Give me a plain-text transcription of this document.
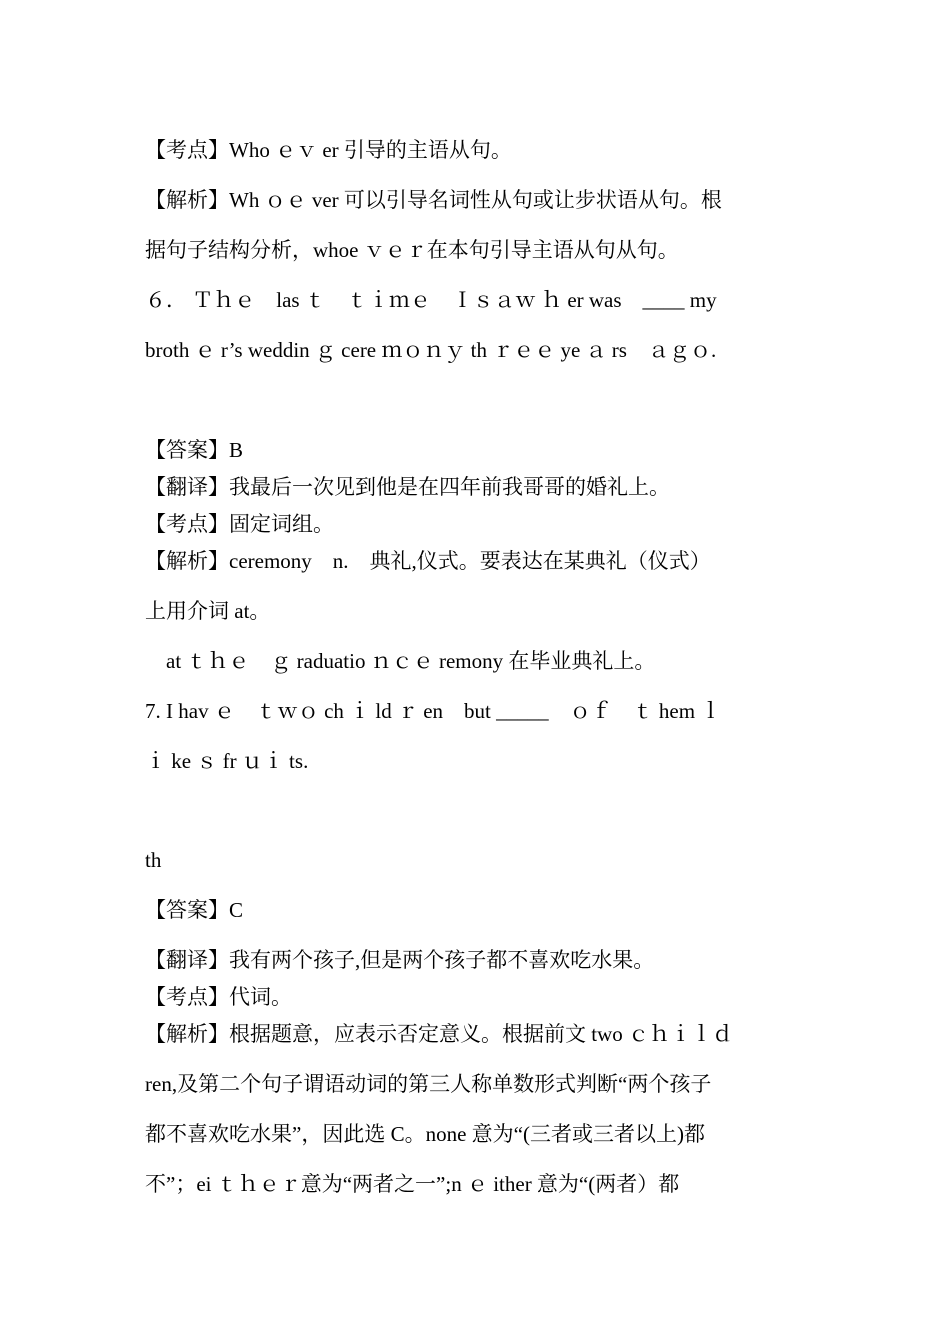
【考点】Who ｅｖ er 引导的主语从句。
【解析】Wh ｏｅ ver 可以引导名词性从句或让步状语从句。根
据句子结构分析，whoe ｖｅｒ在本句引导主语从句从句。
６． Ｔｈｅ　las ｔ　ｔｉｍｅ　Ｉｓａｗ ｈ er was　____ my
broth ｅ r’s weddin ｇ cere ｍｏｎｙ th ｒｅｅ ye ａ rs　ａｇｏ.
【答案】B
【翻译】我最后一次见到他是在四年前我哥哥的婚礼上。
【考点】固定词组。
【解析】ceremony　n.　典礼,仪式。要表达在某典礼（仪式）
上用介词 at。
　at ｔｈｅ　ｇ raduatio ｎｃｅ remony 在毕业典礼上。
7. I hav ｅ　ｔｗｏ ch ｉ ld ｒ en　but _____　ｏｆ　ｔ hem ｌ
ｉ ke ｓ fr ｕｉ ts.
th
【答案】C
【翻译】我有两个孩子,但是两个孩子都不喜欢吃水果。
【考点】代词。
【解析】根据题意，应表示否定意义。根据前文 two ｃｈｉｌｄ
ren,及第二个句子谓语动词的第三人称单数形式判断“两个孩子
都不喜欢吃水果”，因此选 C。none 意为“(三者或三者以上)都
不”；ei ｔｈｅｒ意为“两者之一”;n ｅ ither 意为“(两者）都
